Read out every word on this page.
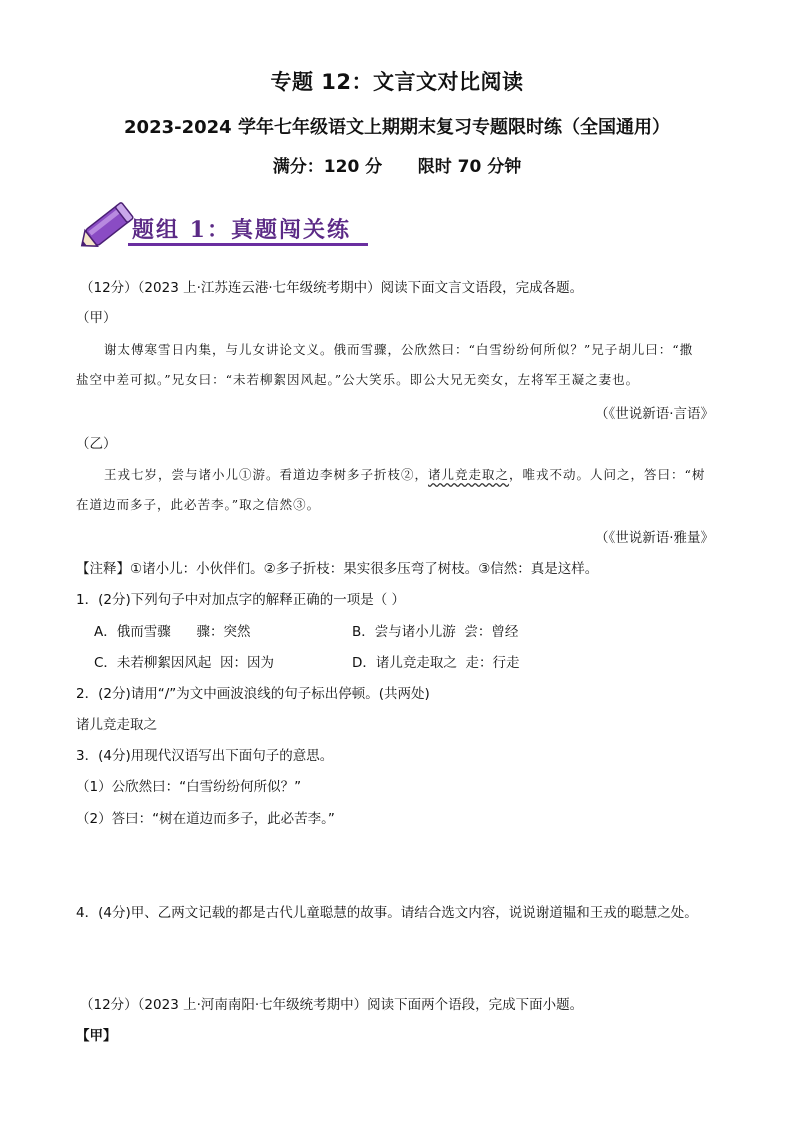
专题 12：文言文对比阅读
2023-2024 学年七年级语文上期期末复习专题限时练（全国通用）
满分：120 分      限时 70 分钟
题组 1：真题闯关练
（12分）（2023 上·江苏连云港·七年级统考期中）阅读下面文言文语段，完成各题。
（甲）
谢太傅寒雪日内集，与儿女讲论文义。俄而雪骤，公欣然曰：“白雪纷纷何所似？”兄子胡儿曰：“撒
盐空中差可拟。”兄女曰：“未若柳絮因风起。”公大笑乐。即公大兄无奕女，左将军王凝之妻也。
（《世说新语·言语》
（乙）
王戎七岁，尝与诸小儿①游。看道边李树多子折枝②，诸儿竞走取之，唯戎不动。人问之，答曰：“树
在道边而多子，此必苦李。”取之信然③。
（《世说新语·雅量》
【注释】①诸小儿：小伙伴们。②多子折枝：果实很多压弯了树枝。③信然：真是这样。
1．(2分)下列句子中对加点字的解释正确的一项是（ ）
A．俄而雪骤      骤：突然	B．尝与诸小儿游  尝：曾经
C．未若柳絮因风起  因：因为	D．诸儿竞走取之  走：行走
2．(2分)请用“/”为文中画波浪线的句子标出停顿。(共两处)
诸儿竞走取之
3．(4分)用现代汉语写出下面句子的意思。
（1）公欣然曰：“白雪纷纷何所似？”
（2）答曰：“树在道边而多子，此必苦李。”
4．(4分)甲、乙两文记载的都是古代儿童聪慧的故事。请结合选文内容，说说谢道韫和王戎的聪慧之处。
（12分）（2023 上·河南南阳·七年级统考期中）阅读下面两个语段，完成下面小题。
【甲】
